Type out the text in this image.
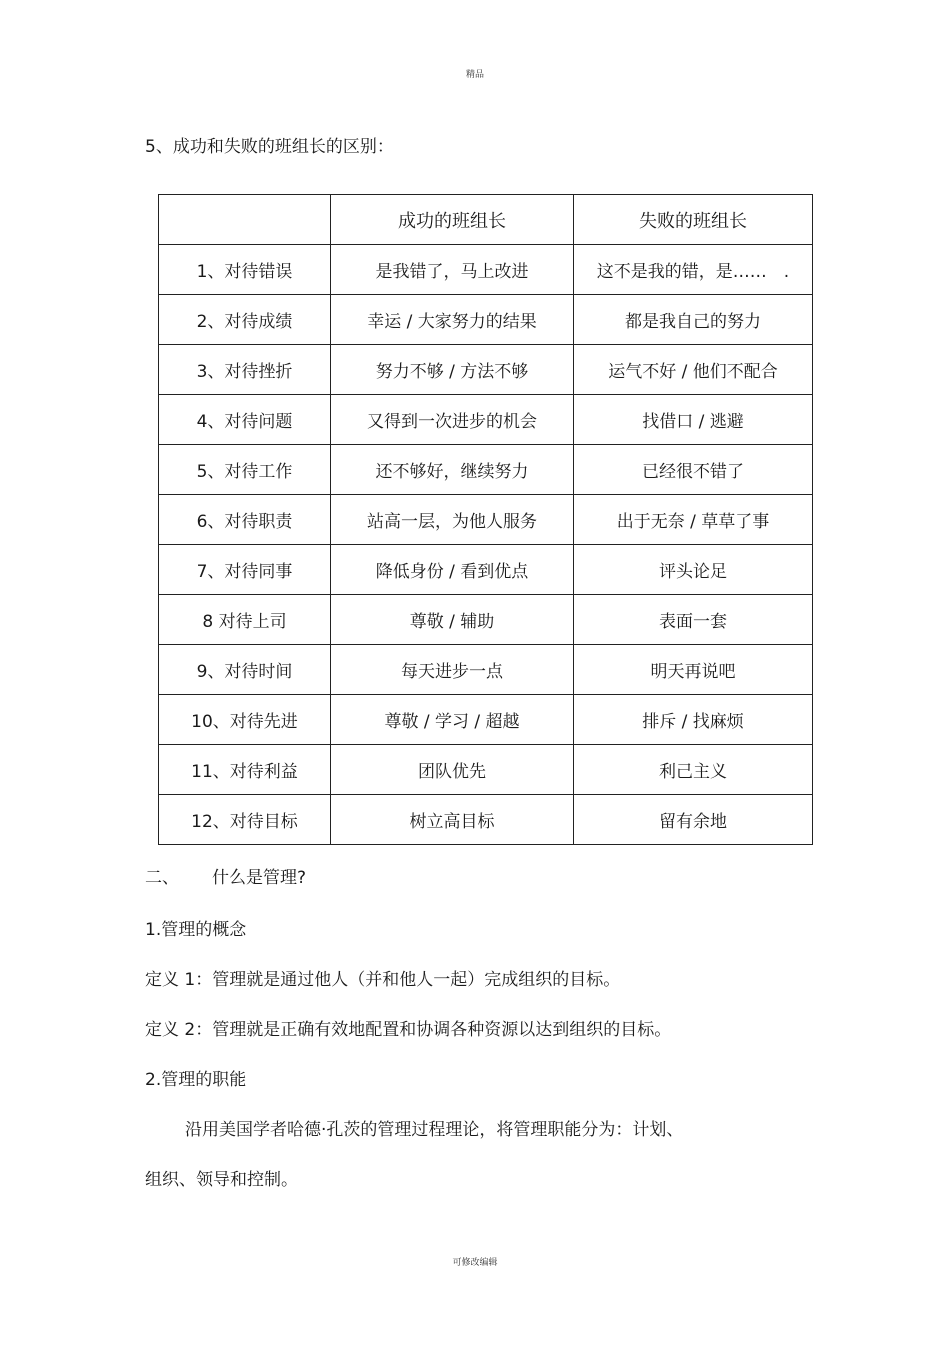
精品
5、成功和失败的班组长的区别：
	成功的班组长	失败的班组长
1、对待错误	是我错了，马上改进	这不是我的错，是……　.
2、对待成绩	幸运 / 大家努力的结果	都是我自己的努力
3、对待挫折	努力不够 / 方法不够	运气不好 / 他们不配合
4、对待问题	又得到一次进步的机会	找借口 / 逃避
5、对待工作	还不够好，继续努力	已经很不错了
6、对待职责	站高一层，为他人服务	出于无奈 / 草草了事
7、对待同事	降低身份 / 看到优点	评头论足
8 对待上司	尊敬 / 辅助	表面一套
9、对待时间	每天进步一点	明天再说吧
10、对待先进	尊敬 / 学习 / 超越	排斥 / 找麻烦
11、对待利益	团队优先	利己主义
12、对待目标	树立高目标	留有余地
二、 什么是管理?
1.管理的概念
定义 1：管理就是通过他人（并和他人一起）完成组织的目标。
定义 2：管理就是正确有效地配置和协调各种资源以达到组织的目标。
2.管理的职能
沿用美国学者哈德·孔茨的管理过程理论，将管理职能分为：计划、
组织、领导和控制。
可修改编辑
